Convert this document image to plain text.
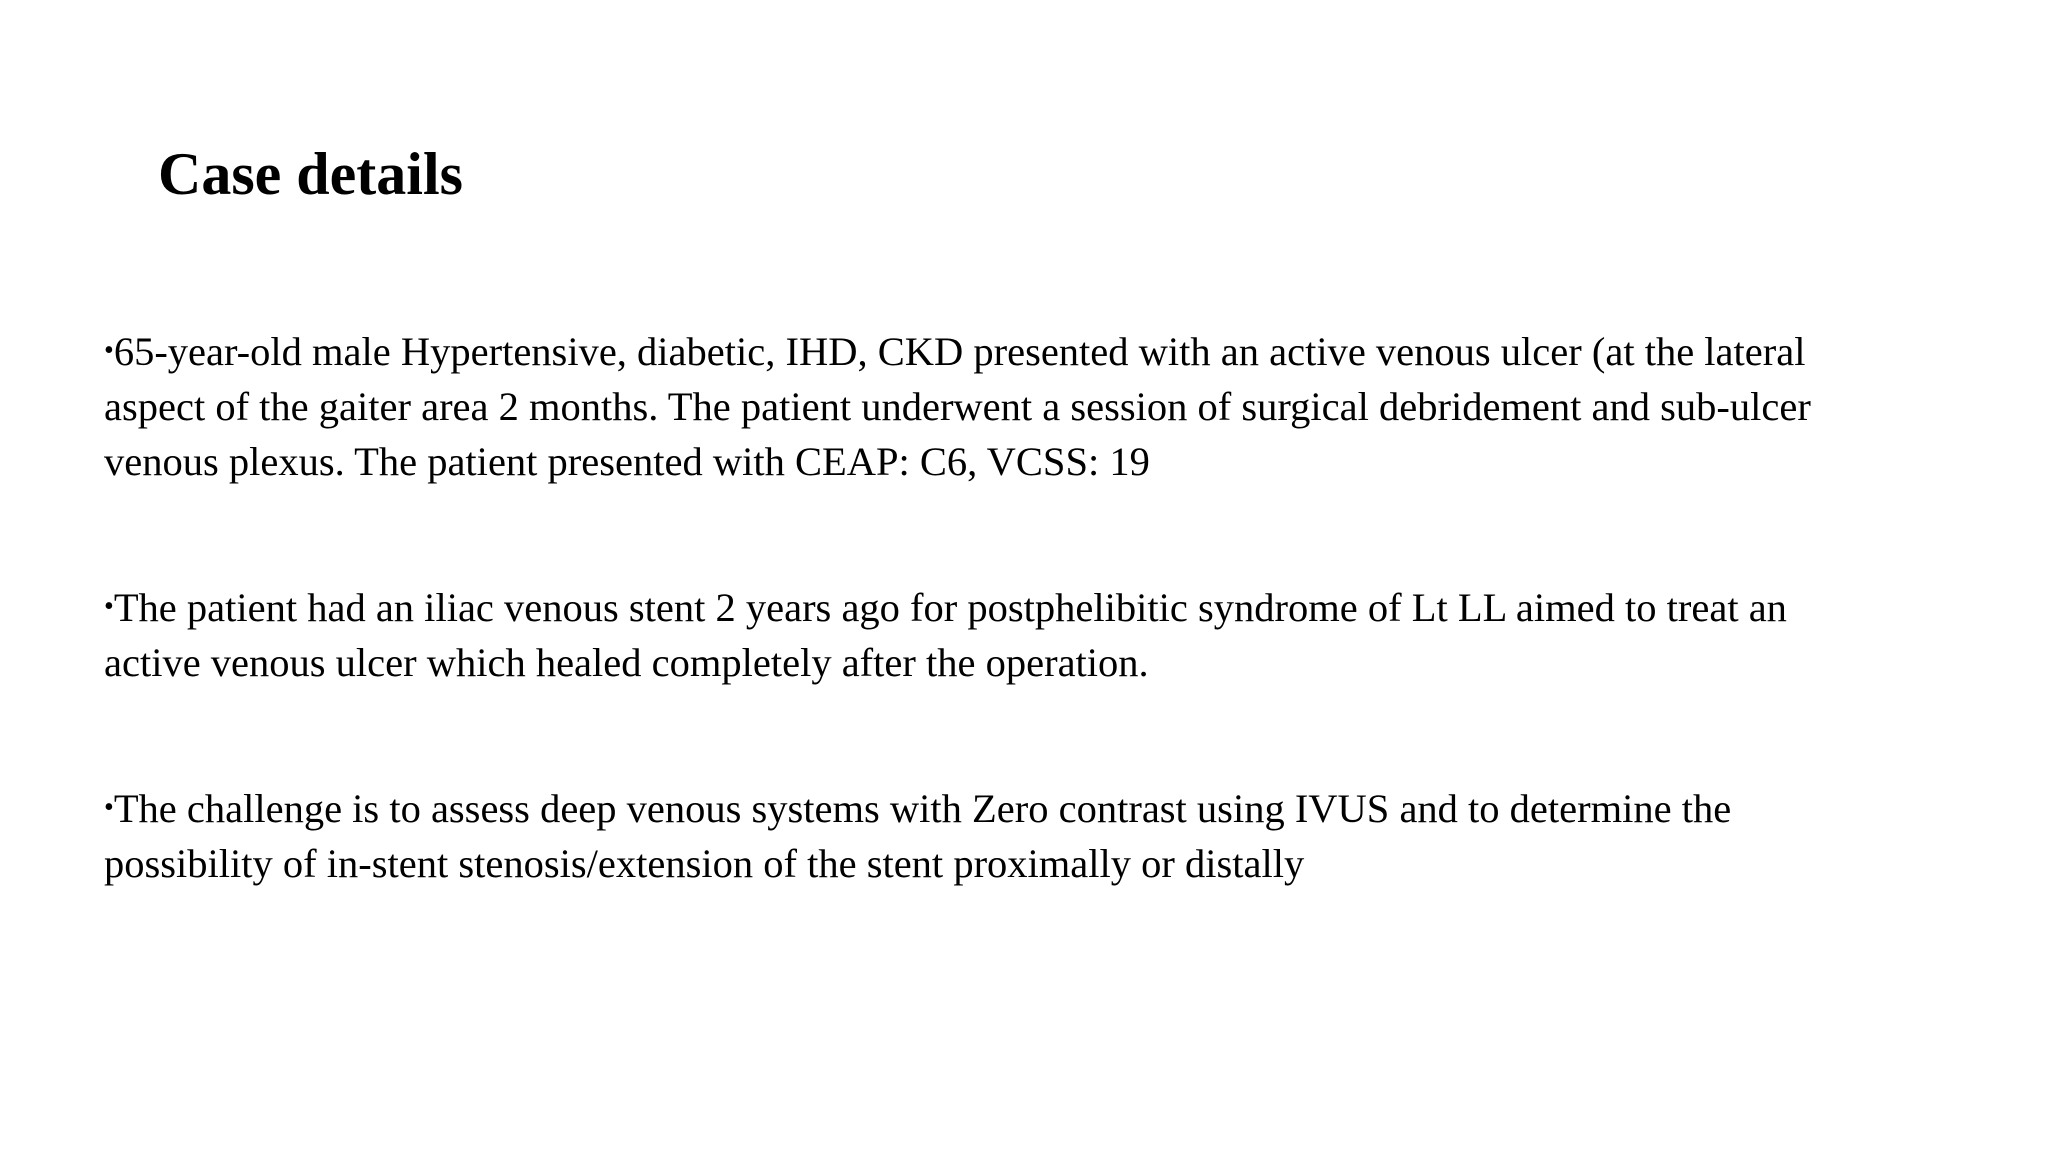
Case details
•65-year-old male Hypertensive, diabetic, IHD, CKD presented with an active venous ulcer (at the lateral
aspect of the gaiter area 2 months. The patient underwent a session of surgical debridement and sub-ulcer
venous plexus. The patient presented with CEAP: C6, VCSS: 19
•The patient had an iliac venous stent 2 years ago for postphelibitic syndrome of Lt LL aimed to treat an
active venous ulcer which healed completely after the operation.
•The challenge is to assess deep venous systems with Zero contrast using IVUS and to determine the
possibility of in-stent stenosis/extension of the stent proximally or distally
